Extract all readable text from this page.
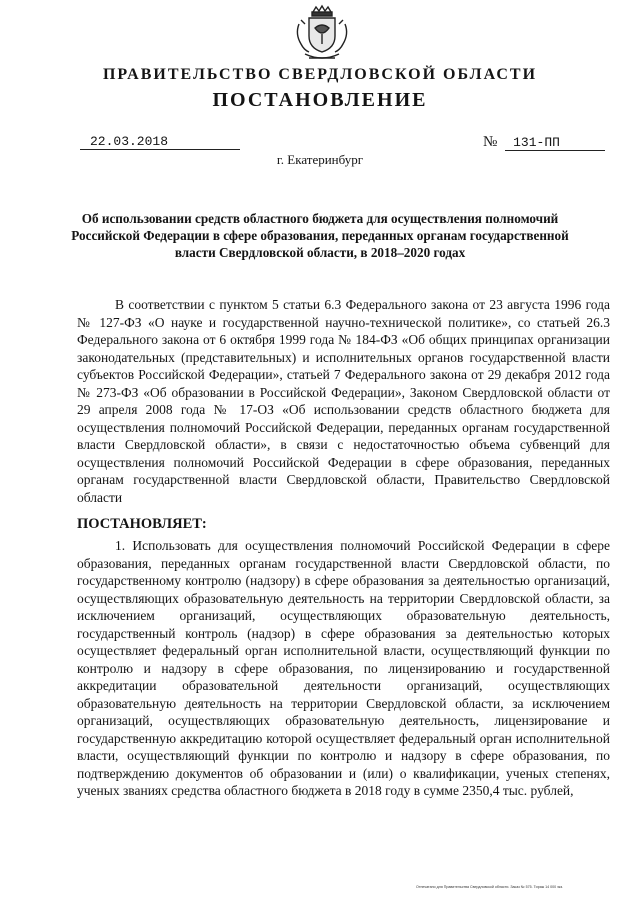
ПРАВИТЕЛЬСТВО СВЕРДЛОВСКОЙ ОБЛАСТИ
ПОСТАНОВЛЕНИЕ
22.03.2018	№ 131-ПП
г. Екатеринбург
Об использовании средств областного бюджета для осуществления полномочий Российской Федерации в сфере образования, переданных органам государственной власти Свердловской области, в 2018–2020 годах
В соответствии с пунктом 5 статьи 6.3 Федерального закона от 23 августа 1996 года № 127-ФЗ «О науке и государственной научно-технической политике», со статьей 26.3 Федерального закона от 6 октября 1999 года № 184-ФЗ «Об общих принципах организации законодательных (представительных) и исполнительных органов государственной власти субъектов Российской Федерации», статьей 7 Федерального закона от 29 декабря 2012 года № 273-ФЗ «Об образовании в Российской Федерации», Законом Свердловской области от 29 апреля 2008 года № 17-ОЗ «Об использовании средств областного бюджета для осуществления полномочий Российской Федерации, переданных органам государственной власти Свердловской области», в связи с недостаточностью объема субвенций для осуществления полномочий Российской Федерации в сфере образования, переданных органам государственной власти Свердловской области, Правительство Свердловской области
ПОСТАНОВЛЯЕТ:
1. Использовать для осуществления полномочий Российской Федерации в сфере образования, переданных органам государственной власти Свердловской области, по государственному контролю (надзору) в сфере образования за деятельностью организаций, осуществляющих образовательную деятельность на территории Свердловской области, за исключением организаций, осуществляющих образовательную деятельность, государственный контроль (надзор) в сфере образования за деятельностью которых осуществляет федеральный орган исполнительной власти, осуществляющий функции по контролю и надзору в сфере образования, по лицензированию и государственной аккредитации образовательной деятельности организаций, осуществляющих образовательную деятельность на территории Свердловской области, за исключением организаций, осуществляющих образовательную деятельность, лицензирование и государственную аккредитацию которой осуществляет федеральный орган исполнительной власти, осуществляющий функции по контролю и надзору в сфере образования, по подтверждению документов об образовании и (или) о квалификации, ученых степенях, ученых званиях средства областного бюджета в 2018 году в сумме 2350,4 тыс. рублей,
Отпечатано для Правительства Свердловской области. Заказ № 575. Тираж 14 000 экз.
